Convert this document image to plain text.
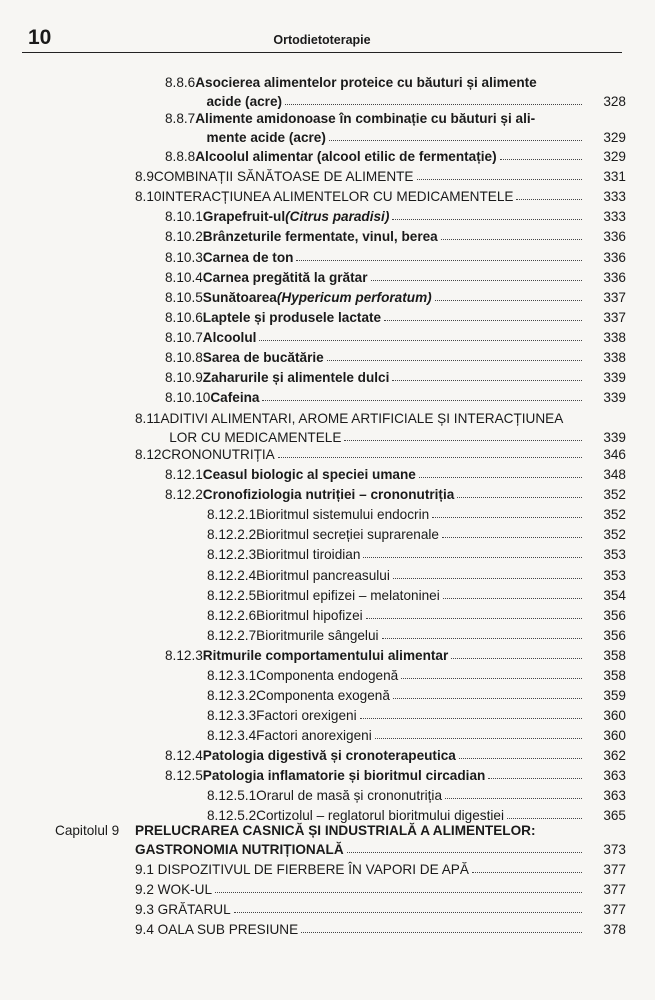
10	Ortodietoterapie
8.8.6 Asocierea alimentelor proteice cu băuturi și alimente
328
acide (acre)
8.8.7 Alimente amidonoase în combinație cu băuturi și ali-
329
mente acide (acre)
329
8.8.8 Alcoolul alimentar (alcool etilic de fermentație)
331
8.9 COMBINAȚII SĂNĂTOASE DE ALIMENTE
333
8.10 INTERACȚIUNEA ALIMENTELOR CU MEDICAMENTELE
333
8.10.1 Grapefruit-ul (Citrus paradisi)
336
8.10.2 Brânzeturile fermentate, vinul, berea
336
8.10.3 Carnea de ton
336
8.10.4 Carnea pregătită la grătar
337
8.10.5 Sunătoarea (Hypericum perforatum)
337
8.10.6 Laptele și produsele lactate
338
8.10.7 Alcoolul
338
8.10.8 Sarea de bucătărie
339
8.10.9 Zaharurile și alimentele dulci
339
8.10.10 Cafeina
8.11 ADITIVI ALIMENTARI, AROME ARTIFICIALE ȘI INTERACȚIUNEA
339
LOR CU MEDICAMENTELE
346
8.12 CRONONUTRIȚIA
348
8.12.1 Ceasul biologic al speciei umane
352
8.12.2 Cronofiziologia nutriției – crononutriția
352
8.12.2.1 Bioritmul sistemului endocrin
352
8.12.2.2 Bioritmul secreției suprarenale
353
8.12.2.3 Bioritmul tiroidian
353
8.12.2.4 Bioritmul pancreasului
354
8.12.2.5 Bioritmul epifizei – melatoninei
356
8.12.2.6 Bioritmul hipofizei
356
8.12.2.7 Bioritmurile sângelui
358
8.12.3 Ritmurile comportamentului alimentar
358
8.12.3.1 Componenta endogenă
359
8.12.3.2 Componenta exogenă
360
8.12.3.3 Factori orexigeni
360
8.12.3.4 Factori anorexigeni
362
8.12.4 Patologia digestivă și cronoterapeutica
363
8.12.5 Patologia inflamatorie și bioritmul circadian
363
8.12.5.1 Orarul de masă și crononutriția
365
8.12.5.2 Cortizolul – reglatorul bioritmului digestiei
Capitolul 9	PRELUCRAREA CASNICĂ ȘI INDUSTRIALĂ A ALIMENTELOR:
373
GASTRONOMIA NUTRIȚIONALĂ
377
9.1 DISPOZITIVUL DE FIERBERE ÎN VAPORI DE APĂ
377
9.2 WOK-UL
377
9.3 GRĂTARUL
378
9.4 OALA SUB PRESIUNE
